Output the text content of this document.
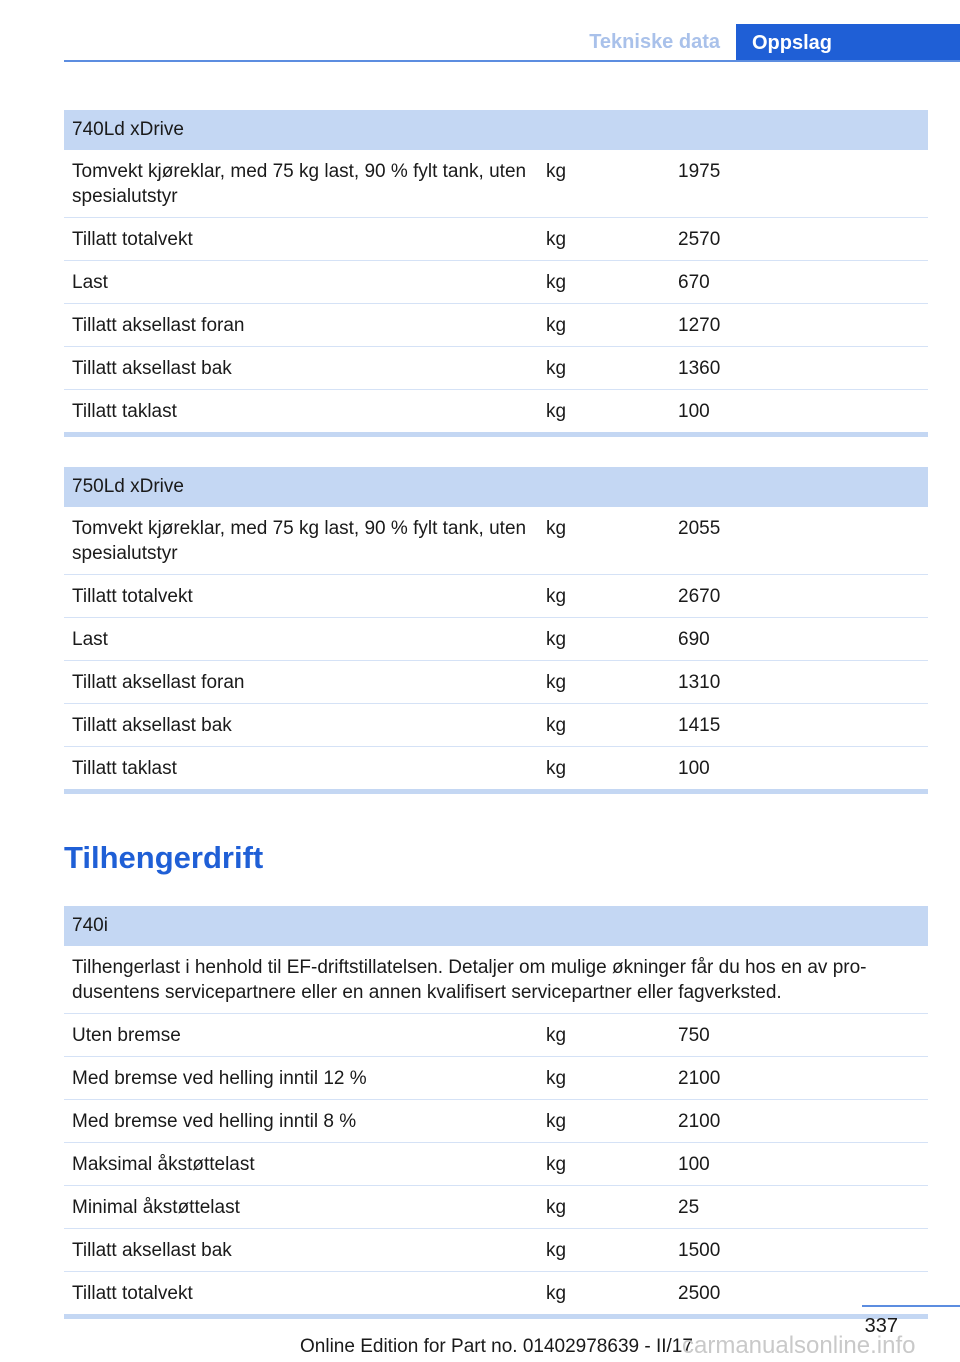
Tekniske data	Oppslag
740Ld xDrive		
Tomvekt kjøreklar, med 75 kg last, 90 % fylt tank, uten spesialutstyr	kg	1975
Tillatt totalvekt	kg	2570
Last	kg	670
Tillatt aksellast foran	kg	1270
Tillatt aksellast bak	kg	1360
Tillatt taklast	kg	100
750Ld xDrive		
Tomvekt kjøreklar, med 75 kg last, 90 % fylt tank, uten spesialutstyr	kg	2055
Tillatt totalvekt	kg	2670
Last	kg	690
Tillatt aksellast foran	kg	1310
Tillatt aksellast bak	kg	1415
Tillatt taklast	kg	100
Tilhengerdrift
740i		
Tilhengerlast i henhold til EF-driftstillatelsen. Detaljer om mulige økninger får du hos en av produsentens servicepartnere eller en annen kvalifisert servicepartner eller fagverksted.		
Uten bremse	kg	750
Med bremse ved helling inntil 12 %	kg	2100
Med bremse ved helling inntil 8 %	kg	2100
Maksimal åkstøttelast	kg	100
Minimal åkstøttelast	kg	25
Tillatt aksellast bak	kg	1500
Tillatt totalvekt	kg	2500
337
Online Edition for Part no. 01402978639 - II/17
carmanualsonline.info
